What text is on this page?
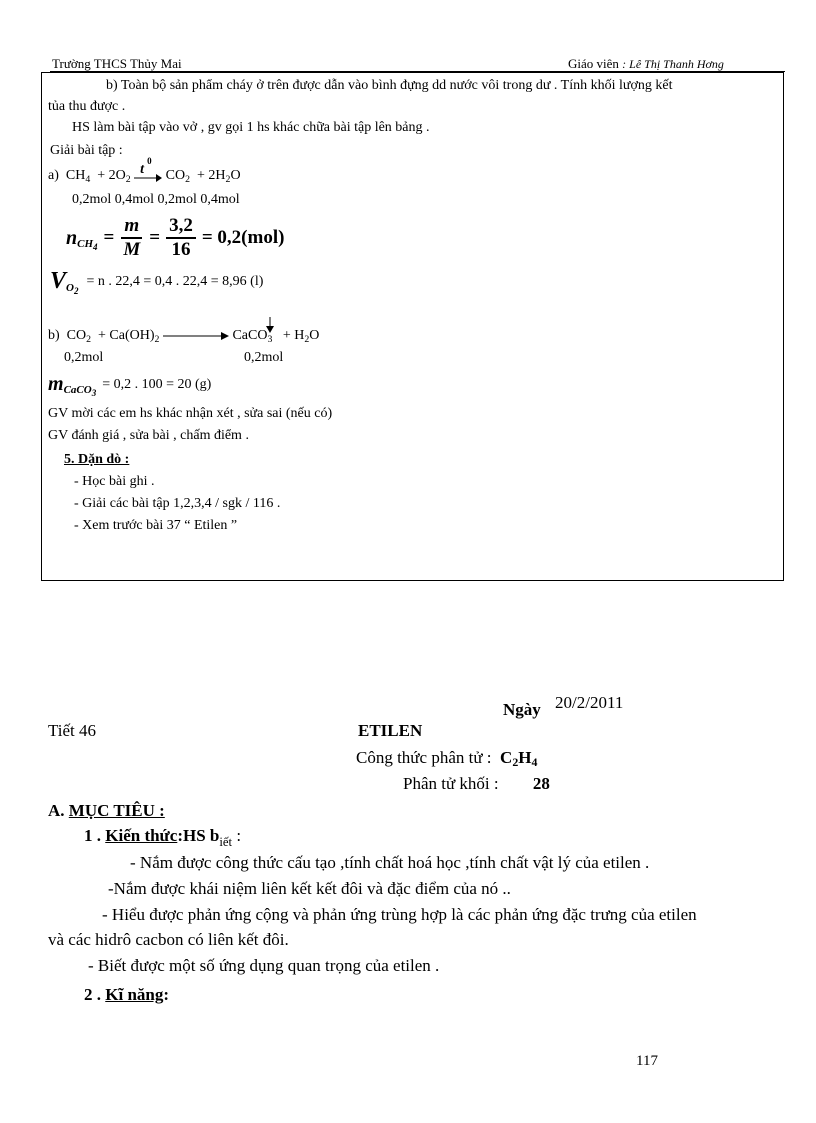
Trường THCS Thủy Mai	Giáo viên : Lê Thị Thanh Hơng
b) Toàn bộ sản phẩm cháy ở trên được dẫn vào bình đựng dd nước vôi trong dư . Tính khối lượng kết
tủa thu được .
HS làm bài tập vào vở , gv gọi 1 hs khác chữa bài tập lên bảng .
Giải bài tập :
a) $CH_4 + 2O_2$
t
0
$CO_2 + 2H_2O$
0,2mol 0,4mol 0,2mol 0,4mol
$n_{CH_4} = \frac{m}{M} = \frac{3,2}{16} = 0,2(mol)$
$V_{O_2}$
= n . 22,4 = 0,4 . 22,4 = 8,96 (l)
b) $CO_2 + Ca(OH)_2$	CaCO$_3$ + $H_2O$
0,2mol	0,2mol
$m_{CaCO_3}$
= 0,2 . 100 = 20 (g)
GV mời các em hs khác nhận xét , sửa sai (nếu có)
GV đánh giá , sửa bài , chấm điểm .
5. Dặn dò :
- Học bài ghi .
- Giải các bài tập 1,2,3,4 / sgk / 116 .
- Xem trước bài 37 “ Etilen ”
Ngày 20/2/2011
Tiết 46	ETILEN
Công thức phân tử : $C_2H_4$
Phân tử khối : 28
A. MỤC TIÊU :
1 . Kiến thức:HS $b_{iết}$ :
- Nắm được công thức cấu tạo ,tính chất hoá học ,tính chất vật lý của etilen .
-Nắm được khái niệm liên kết kết đôi và đặc điểm của nó ..
- Hiểu được phản ứng cộng và phản ứng trùng hợp là các phản ứng đặc trưng của etilen
và các hidrô cacbon có liên kết đôi.
- Biết được một số ứng dụng quan trọng của etilen .
2 . Kĩ năng:
117
